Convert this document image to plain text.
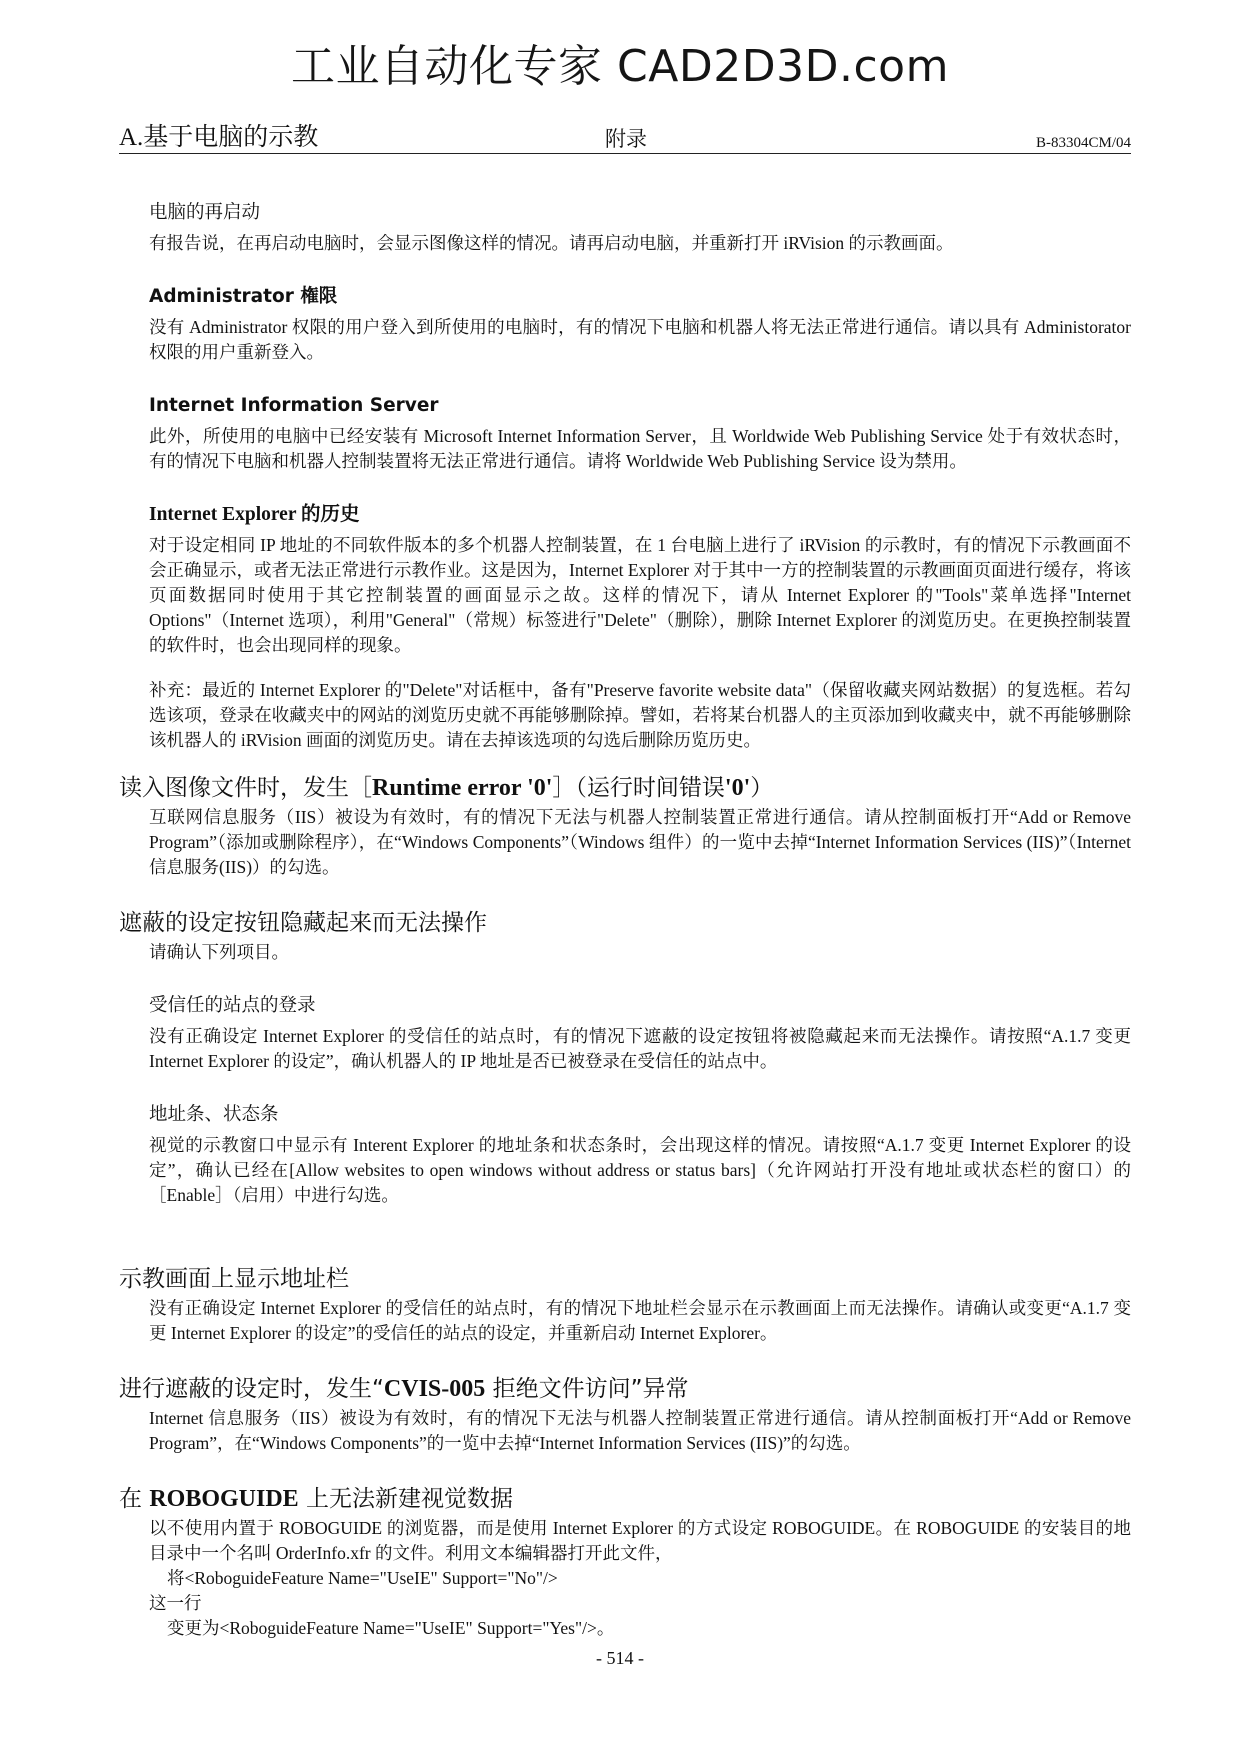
工业自动化专家 CAD2D3D.com
A.基于电脑的示教	附录	B-83304CM/04
电脑的再启动
有报告说，在再启动电脑时，会显示图像这样的情况。请再启动电脑，并重新打开 iRVision 的示教画面。
Administrator 権限
没有 Administrator 权限的用户登入到所使用的电脑时，有的情况下电脑和机器人将无法正常进行通信。请以具有 Administorator 权限的用户重新登入。
Internet Information Server
此外，所使用的电脑中已经安装有 Microsoft Internet Information Server，且 Worldwide Web Publishing Service 处于有效状态时，有的情况下电脑和机器人控制装置将无法正常进行通信。请将 Worldwide Web Publishing Service 设为禁用。
Internet Explorer 的历史
对于设定相同 IP 地址的不同软件版本的多个机器人控制装置，在 1 台电脑上进行了 iRVision 的示教时，有的情况下示教画面不会正确显示，或者无法正常进行示教作业。这是因为，Internet Explorer 对于其中一方的控制装置的示教画面页面进行缓存，将该页面数据同时使用于其它控制装置的画面显示之故。这样的情况下，请从 Internet Explorer 的"Tools"菜单选择"Internet Options"（Internet 选项），利用"General"（常规）标签进行"Delete"（删除），删除 Internet Explorer 的浏览历史。在更换控制装置的软件时，也会出现同样的现象。
补充：最近的 Internet Explorer 的"Delete"对话框中，备有"Preserve favorite website data"（保留收藏夹网站数据）的复选框。若勾选该项，登录在收藏夹中的网站的浏览历史就不再能够删除掉。譬如，若将某台机器人的主页添加到收藏夹中，就不再能够删除该机器人的 iRVision 画面的浏览历史。请在去掉该选项的勾选后删除历览历史。
读入图像文件时，发生［Runtime error '0'］（运行时间错误'0'）
互联网信息服务（IIS）被设为有效时，有的情况下无法与机器人控制装置正常进行通信。请从控制面板打开“Add or Remove Program”（添加或删除程序），在“Windows Components”（Windows 组件）的一览中去掉“Internet Information Services (IIS)”（Internet 信息服务(IIS)）的勾选。
遮蔽的设定按钮隐藏起来而无法操作
请确认下列项目。
受信任的站点的登录
没有正确设定 Internet Explorer 的受信任的站点时，有的情况下遮蔽的设定按钮将被隐藏起来而无法操作。请按照“A.1.7 变更 Internet Explorer 的设定”，确认机器人的 IP 地址是否已被登录在受信任的站点中。
地址条、状态条
视觉的示教窗口中显示有 Interent Explorer 的地址条和状态条时，会出现这样的情况。请按照“A.1.7 变更 Internet Explorer 的设定”，确认已经在[Allow websites to open windows without address or status bars]（允许网站打开没有地址或状态栏的窗口）的［Enable］（启用）中进行勾选。
示教画面上显示地址栏
没有正确设定 Internet Explorer 的受信任的站点时，有的情况下地址栏会显示在示教画面上而无法操作。请确认或变更“A.1.7 变更 Internet Explorer 的设定”的受信任的站点的设定，并重新启动 Internet Explorer。
进行遮蔽的设定时，发生“CVIS-005 拒绝文件访问”异常
Internet 信息服务（IIS）被设为有效时，有的情况下无法与机器人控制装置正常进行通信。请从控制面板打开“Add or Remove Program”，在“Windows Components”的一览中去掉“Internet Information Services (IIS)”的勾选。
在 ROBOGUIDE 上无法新建视觉数据
以不使用内置于 ROBOGUIDE 的浏览器，而是使用 Internet Explorer 的方式设定 ROBOGUIDE。在 ROBOGUIDE 的安装目的地目录中一个名叫 OrderInfo.xfr 的文件。利用文本编辑器打开此文件，
将<RoboguideFeature Name="UseIE" Support="No"/>
这一行
变更为<RoboguideFeature Name="UseIE" Support="Yes"/>。
- 514 -
